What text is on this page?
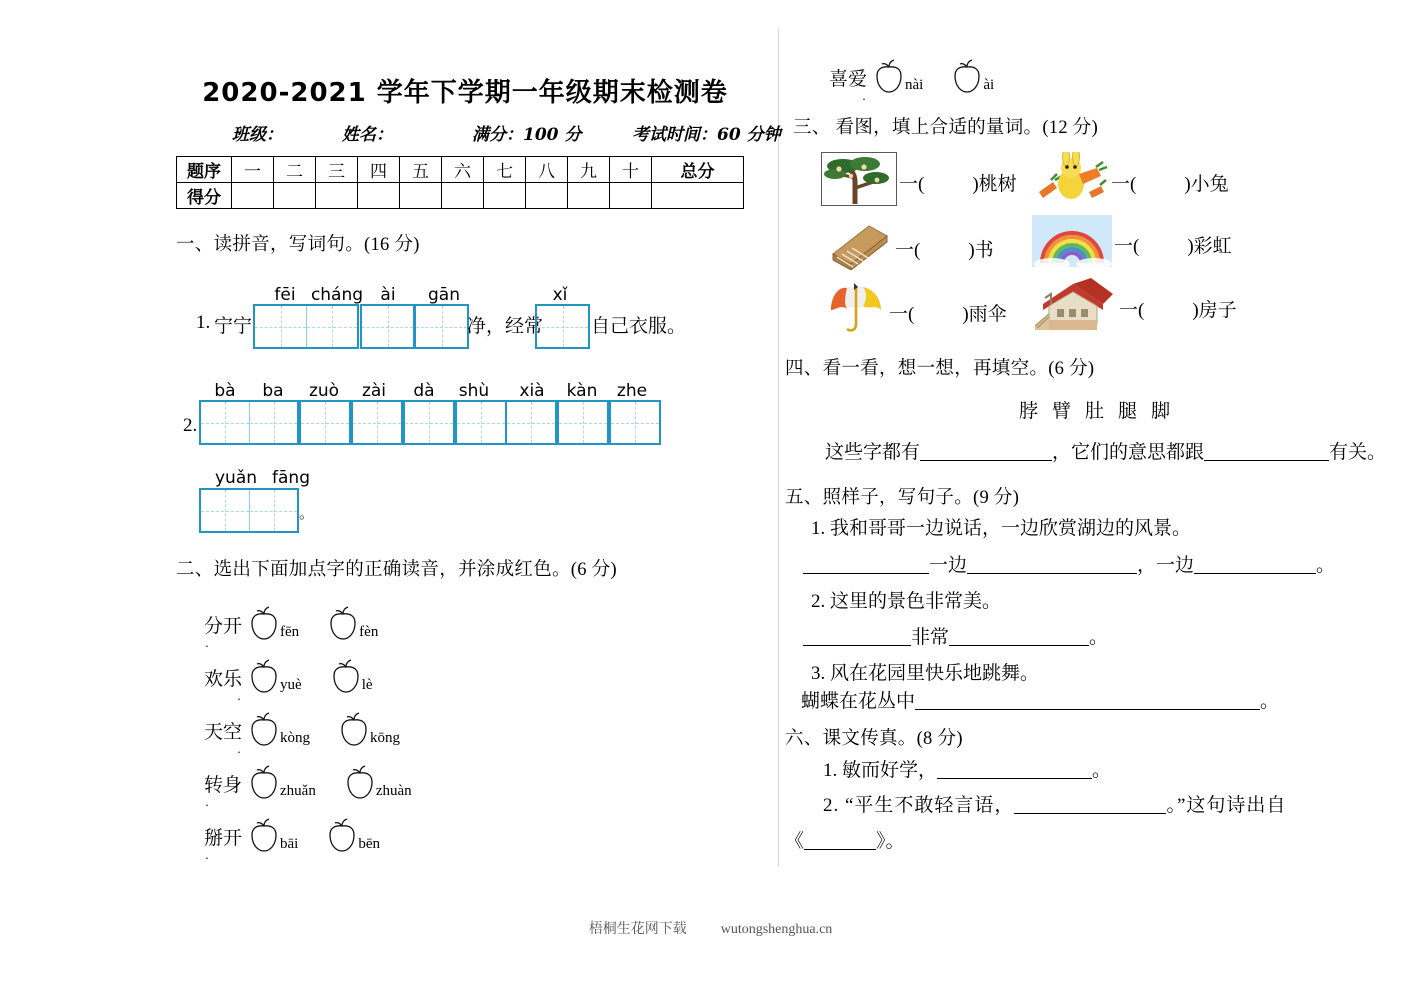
2020-2021 学年下学期一年级期末检测卷
班级：	姓名：	满分：100 分	考试时间：60 分钟
题序	一	二	三	四	五	六	七	八	九	十	总分
得分											
一、读拼音，写词句。(16 分)
1. 宁宁
fēi cháng	ài	gān	xǐ
净，经常	自己衣服。
2.
bà	ba	zuò	zài	dà	shù	xià	kàn	zhe
yuǎn fāng
。
二、选出下面加点字的正确读音，并涂成红色。(6 分)
分开
.
fēn	fèn
欢乐
.
yuè	lè
天空
.
kòng	kōng
转身
.
zhuǎn	zhuàn
掰开
.
bāi	bēn
喜爱
.
nài	ài
三、 看图，填上合适的量词。(12 分)
一(	)桃树	一(	)小兔
一(	)书	一(	)彩虹
一(	)雨伞	一(	)房子
四、看一看，想一想，再填空。(6 分)
脖臂肚腿脚
这些字都有	，它们的意思都跟	有关。
五、照样子，写句子。(9 分)
1. 我和哥哥一边说话，一边欣赏湖边的风景。
一边	，一边	。
2. 这里的景色非常美。
非常	。
3. 风在花园里快乐地跳舞。
蝴蝶在花丛中	。
六、课文传真。(8 分)
1. 敏而好学，	。
2. “平生不敢轻言语，	。”这句诗出自
《	》。
梧桐生花网下载 wutongshenghua.cn
